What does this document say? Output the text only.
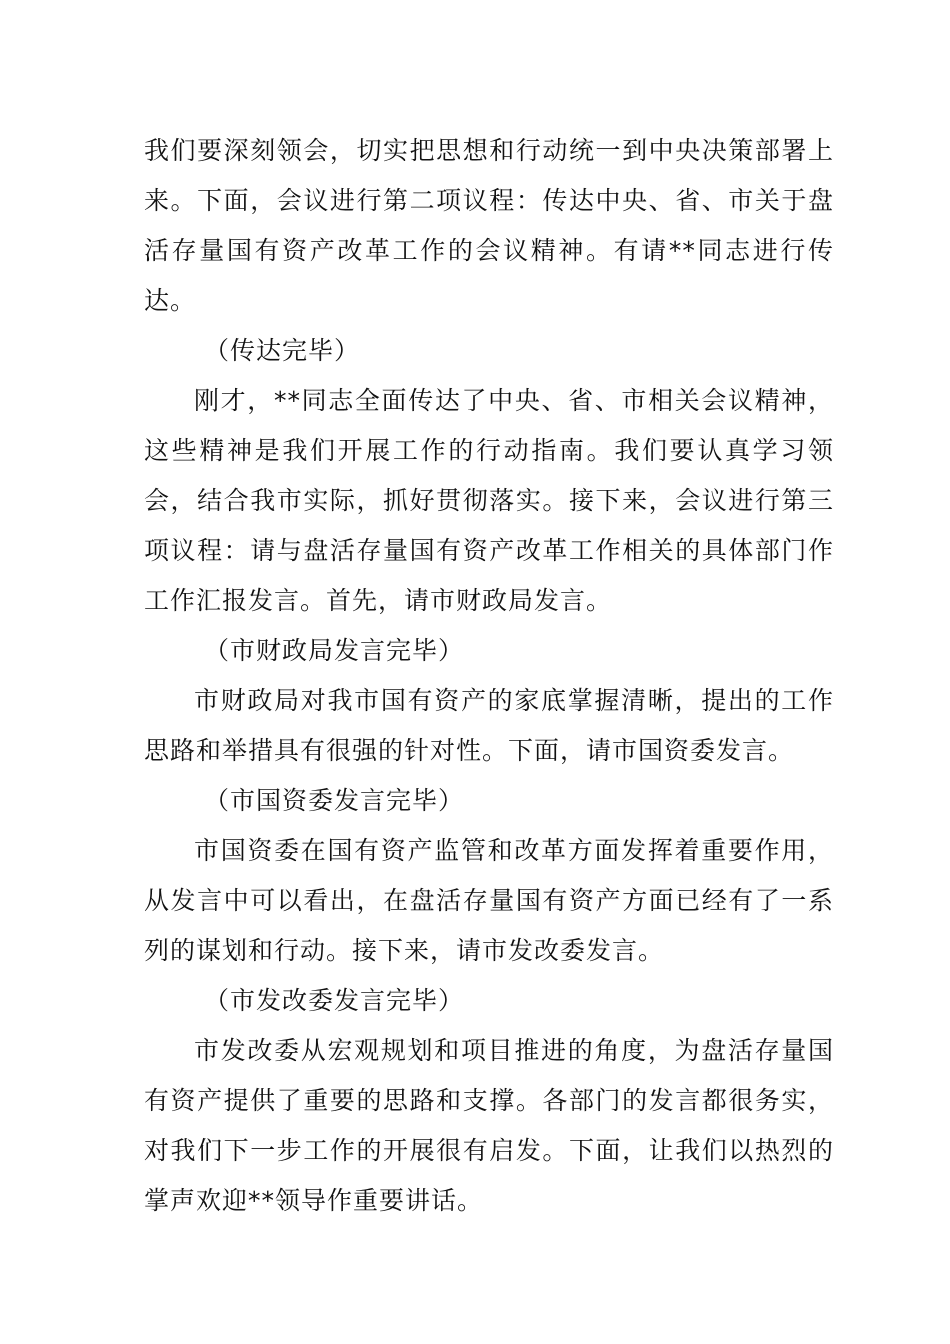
我们要深刻领会，切实把思想和行动统一到中央决策部署上来。下面，会议进行第二项议程：传达中央、省、市关于盘活存量国有资产改革工作的会议精神。有请**同志进行传达。

（传达完毕）

刚才，**同志全面传达了中央、省、市相关会议精神，这些精神是我们开展工作的行动指南。我们要认真学习领会，结合我市实际，抓好贯彻落实。接下来，会议进行第三项议程：请与盘活存量国有资产改革工作相关的具体部门作工作汇报发言。首先，请市财政局发言。

（市财政局发言完毕）

市财政局对我市国有资产的家底掌握清晰，提出的工作思路和举措具有很强的针对性。下面，请市国资委发言。

（市国资委发言完毕）

市国资委在国有资产监管和改革方面发挥着重要作用，从发言中可以看出，在盘活存量国有资产方面已经有了一系列的谋划和行动。接下来，请市发改委发言。

（市发改委发言完毕）

市发改委从宏观规划和项目推进的角度，为盘活存量国有资产提供了重要的思路和支撑。各部门的发言都很务实，对我们下一步工作的开展很有启发。下面，让我们以热烈的掌声欢迎**领导作重要讲话。
